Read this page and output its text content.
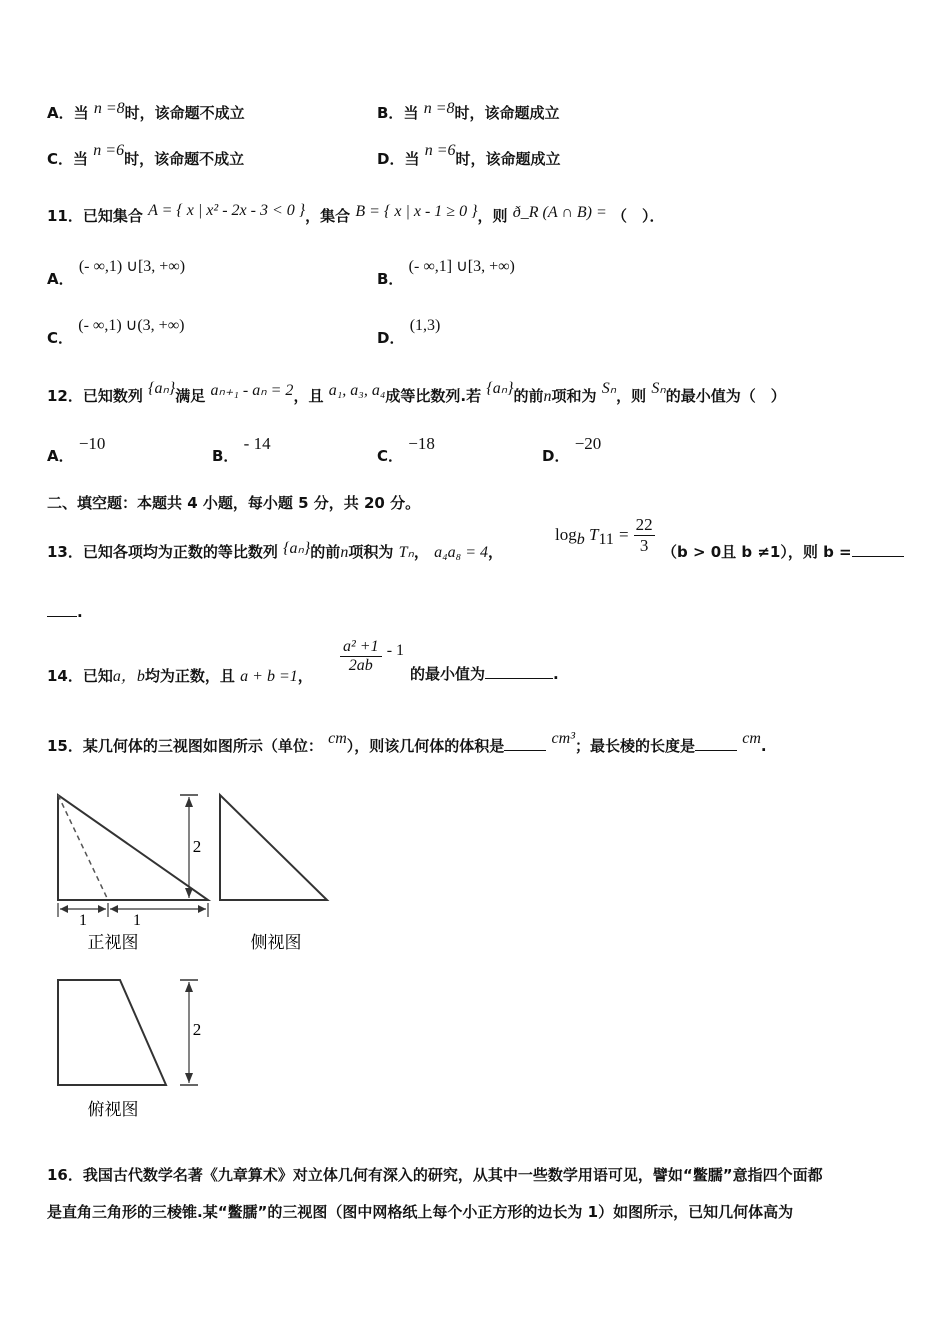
A．当 n =8时，该命题不成立	B．当 n =8时，该命题成立
C．当 n =6时，该命题不成立	D．当 n =6时，该命题成立
11．已知集合 A = { x | x² - 2x - 3 < 0 }，集合 B = { x | x - 1 ≥ 0 }，则 ð_R (A ∩ B) = （　）．
A． (- ∞,1) ∪[3, +∞)
B． (- ∞,1] ∪[3, +∞)
C． (- ∞,1) ∪(3, +∞)
D． (1,3)
12．已知数列 {aₙ}满足 aₙ₊₁ - aₙ = 2，且 a₁, a₃, a₄成等比数列.若 {aₙ}的前n项和为 Sₙ，则 Sₙ的最小值为（　）
A． −10
B． - 14
C． −18
D． −20
二、填空题：本题共 4 小题，每小题 5 分，共 20 分。
13．已知各项均为正数的等比数列 {aₙ}的前n项积为 Tₙ， a₄a₈ = 4，
$\log_b T_{11} = \frac{22}{3} (b > 0$且 b ≠1），则 b =
.
14．已知a，b均为正数，且 a + b =1，
$\frac{\text{a² +1}}{2ab} - 1$
的最小值为	.
15．某几何体的三视图如图所示（单位： cm），则该几何体的体积是	cm³；最长棱的长度是	cm.
1	1
2
正视图	侧视图
2
俯视图
16．我国古代数学名著《九章算术》对立体几何有深入的研究，从其中一些数学用语可见，譬如“鳖臑”意指四个面都
是直角三角形的三棱锥.某“鳖臑”的三视图（图中网格纸上每个小正方形的边长为 1）如图所示，已知几何体高为
